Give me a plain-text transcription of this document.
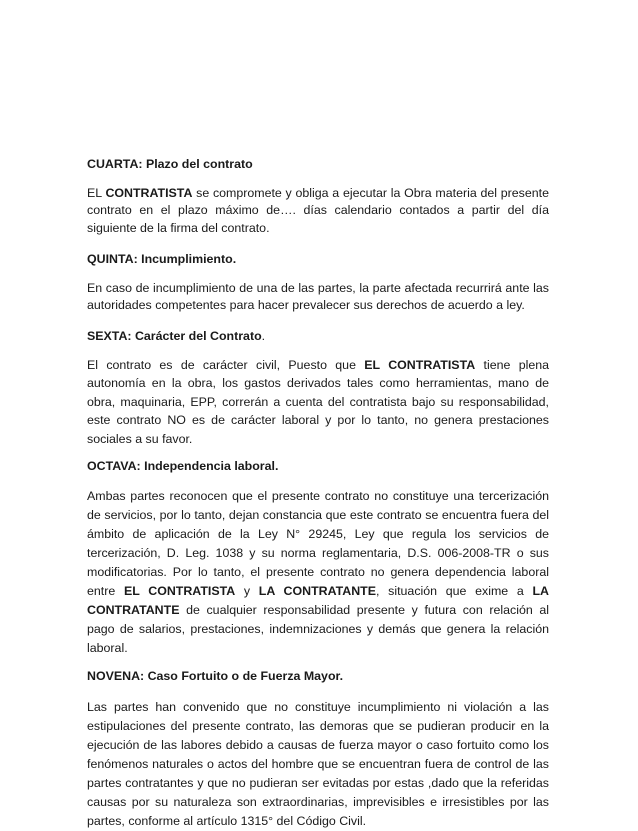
CUARTA: Plazo del contrato

EL CONTRATISTA se compromete y obliga a ejecutar la Obra materia del presente contrato en el plazo máximo de…. días calendario contados a partir del día siguiente de la firma del contrato.

QUINTA: Incumplimiento.

En caso de incumplimiento de una de las partes, la parte afectada recurrirá ante las autoridades competentes para hacer prevalecer sus derechos de acuerdo a ley.

SEXTA: Carácter del Contrato.

El contrato es de carácter civil, Puesto que EL CONTRATISTA tiene plena autonomía en la obra, los gastos derivados tales como herramientas, mano de obra, maquinaria, EPP, correrán a cuenta del contratista bajo su responsabilidad, este contrato NO es de carácter laboral y por lo tanto, no genera prestaciones sociales a su favor.

OCTAVA: Independencia laboral.

Ambas partes reconocen que el presente contrato no constituye una tercerización de servicios, por lo tanto, dejan constancia que este contrato se encuentra fuera del ámbito de aplicación de la Ley N° 29245, Ley que regula los servicios de tercerización, D. Leg. 1038 y su norma reglamentaria, D.S. 006-2008-TR o sus modificatorias. Por lo tanto, el presente contrato no genera dependencia laboral entre EL CONTRATISTA y LA CONTRATANTE, situación que exime a LA CONTRATANTE de cualquier responsabilidad presente y futura con relación al pago de salarios, prestaciones, indemnizaciones y demás que genera la relación laboral.

NOVENA: Caso Fortuito o de Fuerza Mayor.

Las partes han convenido que no constituye incumplimiento ni violación a las estipulaciones del presente contrato, las demoras que se pudieran producir en la ejecución de las labores debido a causas de fuerza mayor o caso fortuito como los fenómenos naturales o actos del hombre que se encuentran fuera de control de las partes contratantes y que no pudieran ser evitadas por estas ,dado que la referidas causas por su naturaleza son extraordinarias, imprevisibles e irresistibles por las partes, conforme al artículo 1315° del Código Civil.
